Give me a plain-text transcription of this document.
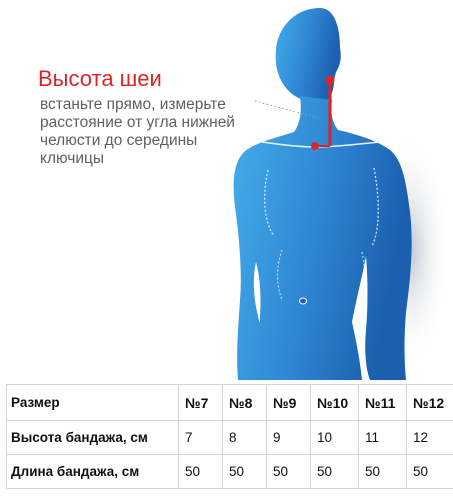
Высота шеи

встаньте прямо, измерьте расстояние от угла нижней челюсти до середины ключицы

Размер	№7	№8	№9	№10	№11	№12
Высота бандажа, см	7	8	9	10	11	12
Длина бандажа, см	50	50	50	50	50	50
